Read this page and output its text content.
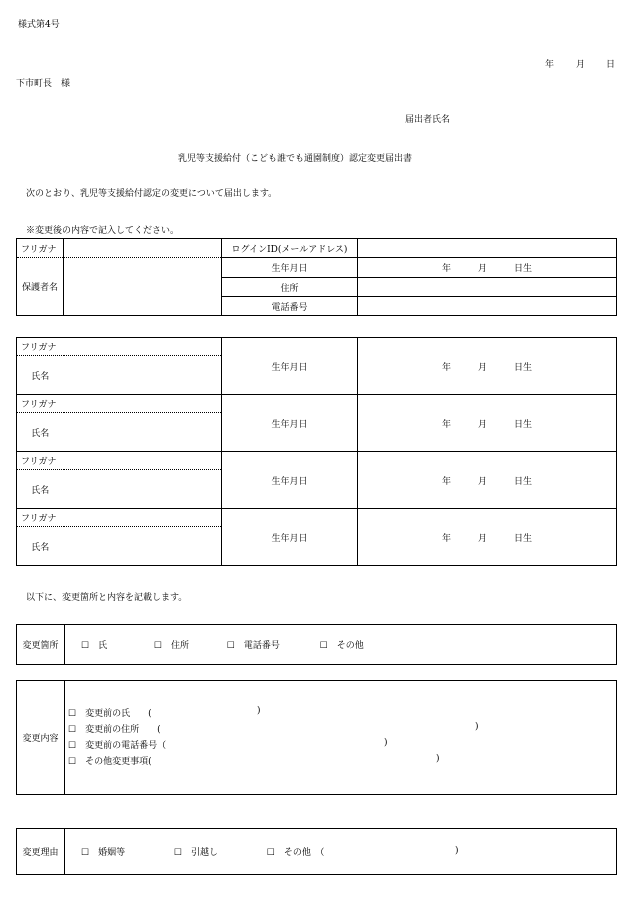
様式第4号
年 月 日
下市町長　様
届出者氏名
乳児等支援給付（こども誰でも通園制度）認定変更届出書
次のとおり、乳児等支援給付認定の変更について届出します。
※変更後の内容で記入してください。
フリガナ		ログインID(メールアドレス)	
保護者名		生年月日	年　　　月　　　日生
		住所	
		電話番号	
フリガナ		生年月日	年　　　月　　　日生
氏名			
フリガナ		生年月日	年　　　月　　　日生
氏名			
フリガナ		生年月日	年　　　月　　　日生
氏名			
フリガナ		生年月日	年　　　月　　　日生
氏名			
以下に、変更箇所と内容を記載します。
変更箇所	☐　氏	☐　住所	☐　電話番号	☐　その他
変更内容	
☐　変更前の氏　　(	)
☐　変更前の住所　　(	)
☐　変更前の電話番号（	)
☐　その他変更事項(	)
変更理由	☐　婚姻等	☐　引越し	☐　その他　（	)
